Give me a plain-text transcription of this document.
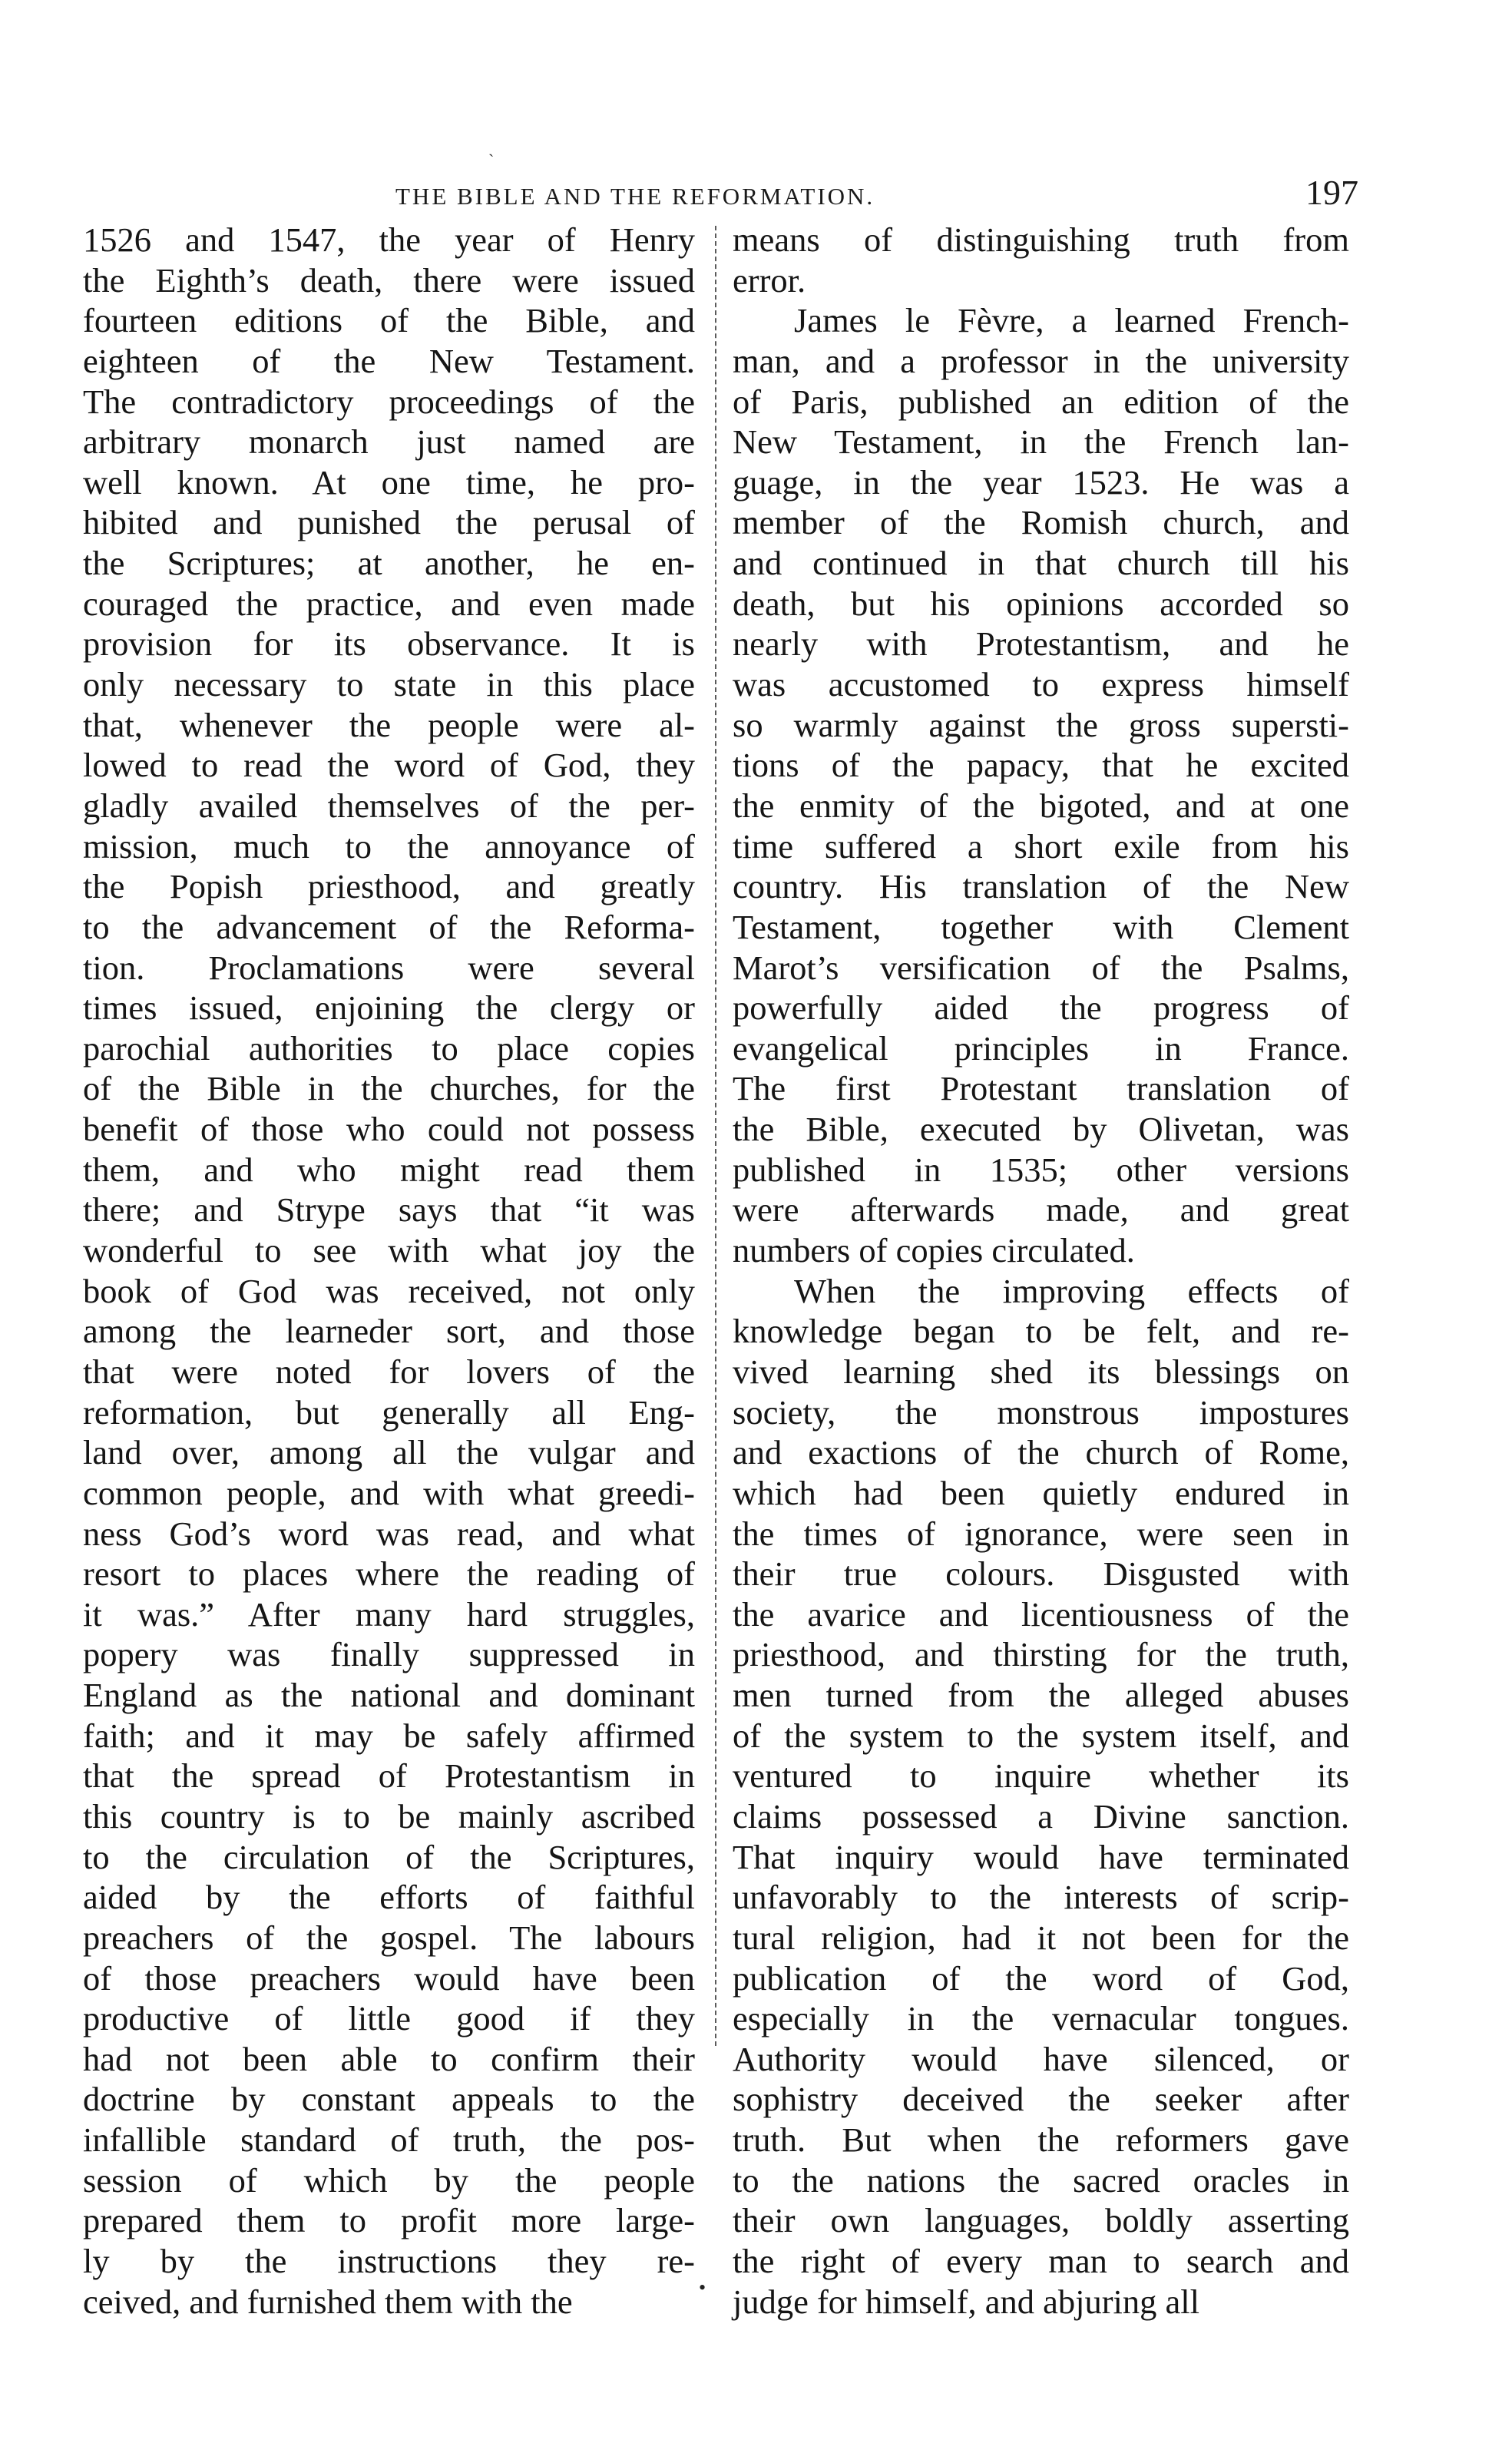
ˋ
THE BIBLE AND THE REFORMATION.	197
1526 and 1547, the year of Henry
the Eighth’s death, there were issued
fourteen editions of the Bible, and
eighteen of the New Testament.
The contradictory proceedings of the
arbitrary monarch just named are
well known. At one time, he pro-
hibited and punished the perusal of
the Scriptures; at another, he en-
couraged the practice, and even made
provision for its observance. It is
only necessary to state in this place
that, whenever the people were al-
lowed to read the word of God, they
gladly availed themselves of the per-
mission, much to the annoyance of
the Popish priesthood, and greatly
to the advancement of the Reforma-
tion. Proclamations were several
times issued, enjoining the clergy or
parochial authorities to place copies
of the Bible in the churches, for the
benefit of those who could not possess
them, and who might read them
there; and Strype says that “it was
wonderful to see with what joy the
book of God was received, not only
among the learneder sort, and those
that were noted for lovers of the
reformation, but generally all Eng-
land over, among all the vulgar and
common people, and with what greedi-
ness God’s word was read, and what
resort to places where the reading of
it was.” After many hard struggles,
popery was finally suppressed in
England as the national and dominant
faith; and it may be safely affirmed
that the spread of Protestantism in
this country is to be mainly ascribed
to the circulation of the Scriptures,
aided by the efforts of faithful
preachers of the gospel. The labours
of those preachers would have been
productive of little good if they
had not been able to confirm their
doctrine by constant appeals to the
infallible standard of truth, the pos-
session of which by the people
prepared them to profit more large-
ly by the instructions they re-
ceived, and furnished them with the
means of distinguishing truth from
error.
James le Fèvre, a learned French-
man, and a professor in the university
of Paris, published an edition of the
New Testament, in the French lan-
guage, in the year 1523. He was a
member of the Romish church, and
and continued in that church till his
death, but his opinions accorded so
nearly with Protestantism, and he
was accustomed to express himself
so warmly against the gross supersti-
tions of the papacy, that he excited
the enmity of the bigoted, and at one
time suffered a short exile from his
country. His translation of the New
Testament, together with Clement
Marot’s versification of the Psalms,
powerfully aided the progress of
evangelical principles in France.
The first Protestant translation of
the Bible, executed by Olivetan, was
published in 1535; other versions
were afterwards made, and great
numbers of copies circulated.
When the improving effects of
knowledge began to be felt, and re-
vived learning shed its blessings on
society, the monstrous impostures
and exactions of the church of Rome,
which had been quietly endured in
the times of ignorance, were seen in
their true colours. Disgusted with
the avarice and licentiousness of the
priesthood, and thirsting for the truth,
men turned from the alleged abuses
of the system to the system itself, and
ventured to inquire whether its
claims possessed a Divine sanction.
That inquiry would have terminated
unfavorably to the interests of scrip-
tural religion, had it not been for the
publication of the word of God,
especially in the vernacular tongues.
Authority would have silenced, or
sophistry deceived the seeker after
truth. But when the reformers gave
to the nations the sacred oracles in
their own languages, boldly asserting
the right of every man to search and
judge for himself, and abjuring all
•
